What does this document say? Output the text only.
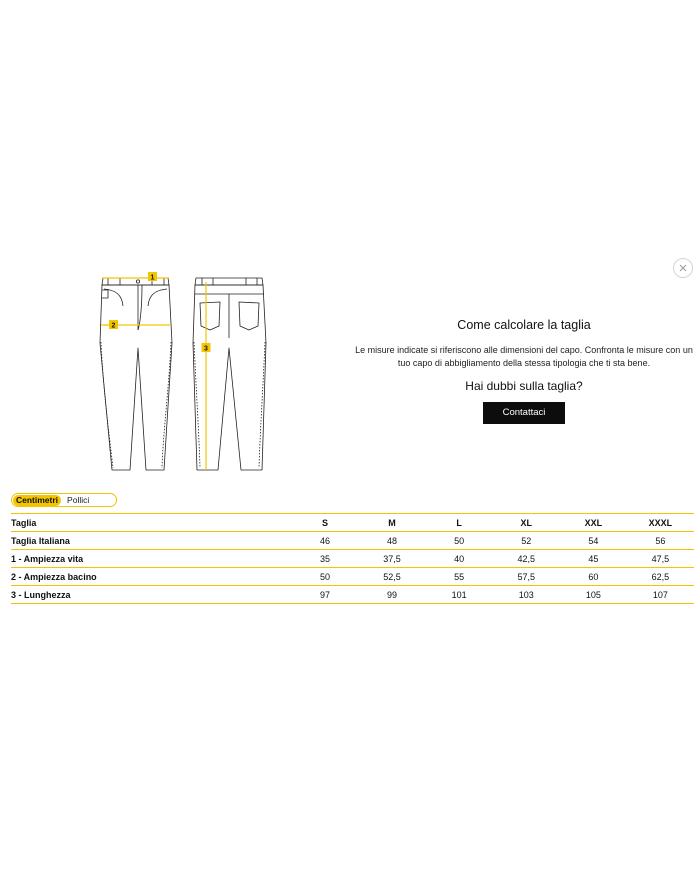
1
2
3
Come calcolare la taglia

Le misure indicate si riferiscono alle dimensioni del capo. Confronta le misure con un tuo capo di abbigliamento della stessa tipologia che ti sta bene.

Hai dubbi sulla taglia?
Contattaci
Centimetri	Pollici
Taglia	S	M	L	XL	XXL	XXXL
Taglia Italiana	46	48	50	52	54	56
1 - Ampiezza vita	35	37,5	40	42,5	45	47,5
2 - Ampiezza bacino	50	52,5	55	57,5	60	62,5
3 - Lunghezza	97	99	101	103	105	107
